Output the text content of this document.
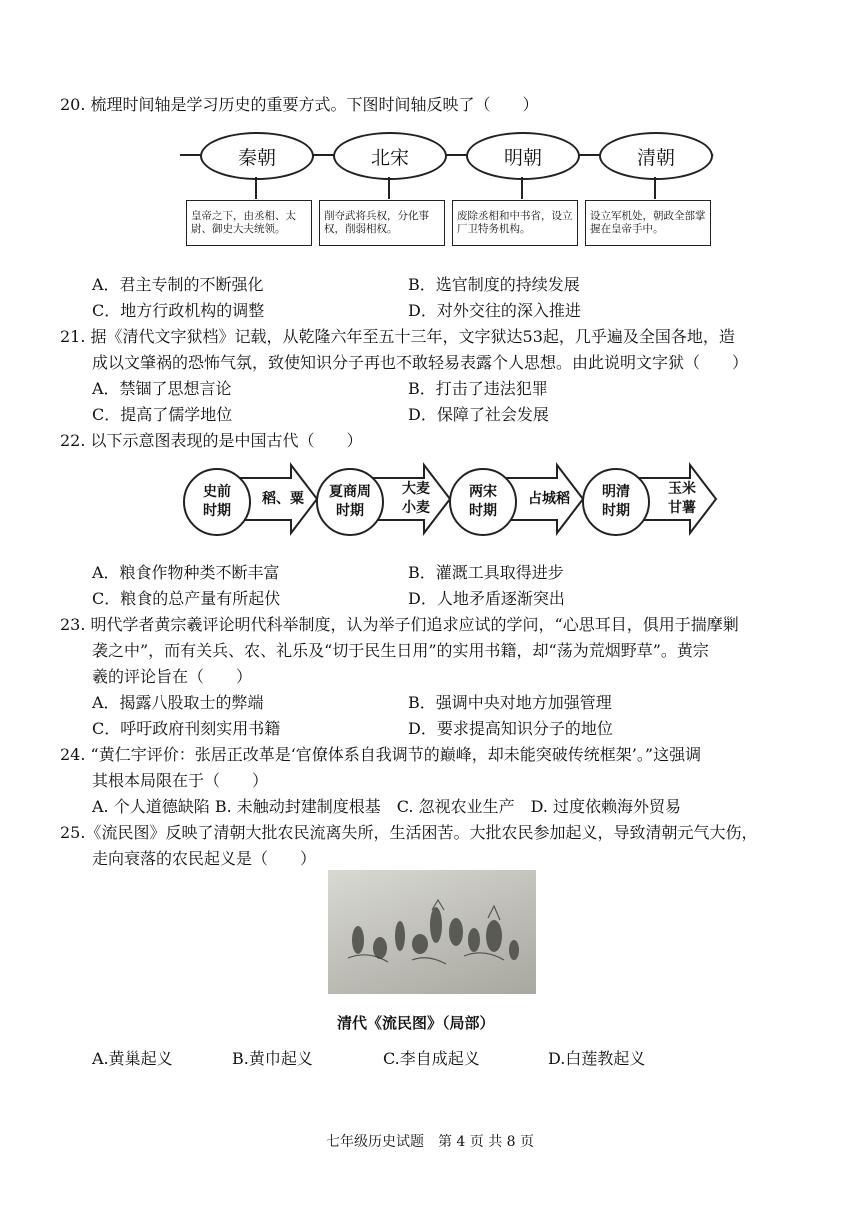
20. 梳理时间轴是学习历史的重要方式。下图时间轴反映了（　　）
秦朝	北宋	明朝	清朝
皇帝之下，由丞相、太尉、御史大夫统领。
削夺武将兵权，分化事权，削弱相权。
废除丞相和中书省，设立厂卫特务机构。
设立军机处，朝政全部掌握在皇帝手中。
A．君主专制的不断强化	B．选官制度的持续发展
C．地方行政机构的调整	D．对外交往的深入推进
21. 据《清代文字狱档》记载，从乾隆六年至五十三年，文字狱达53起，几乎遍及全国各地，造
成以文肇祸的恐怖气氛，致使知识分子再也不敢轻易表露个人思想。由此说明文字狱（　　）
A．禁锢了思想言论	B．打击了违法犯罪
C．提高了儒学地位	D．保障了社会发展
22. 以下示意图表现的是中国古代（　　）
史前
时期
夏商周
时期
两宋
时期
明清
时期
稻、粟
大麦
小麦
占城稻
玉米
甘薯
A．粮食作物种类不断丰富	B．灌溉工具取得进步
C．粮食的总产量有所起伏	D．人地矛盾逐渐突出
23. 明代学者黄宗羲评论明代科举制度，认为举子们追求应试的学问，“心思耳目，俱用于揣摩剿
袭之中”，而有关兵、农、礼乐及“切于民生日用”的实用书籍，却“荡为荒烟野草”。黄宗
羲的评论旨在（　　）
A．揭露八股取士的弊端	B．强调中央对地方加强管理
C．呼吁政府刊刻实用书籍	D．要求提高知识分子的地位
24. “黄仁宇评价：张居正改革是‘官僚体系自我调节的巅峰，却未能突破传统框架’。”这强调
其根本局限在于（　　）
A. 个人道德缺陷 B. 未触动封建制度根基　C. 忽视农业生产　D. 过度依赖海外贸易
25.《流民图》反映了清朝大批农民流离失所，生活困苦。大批农民参加起义，导致清朝元气大伤，
走向衰落的农民起义是（　　）
清代《流民图》（局部）
A.黄巢起义	B.黄巾起义	C.李自成起义	D.白莲教起义
七年级历史试题　第 4 页 共 8 页
